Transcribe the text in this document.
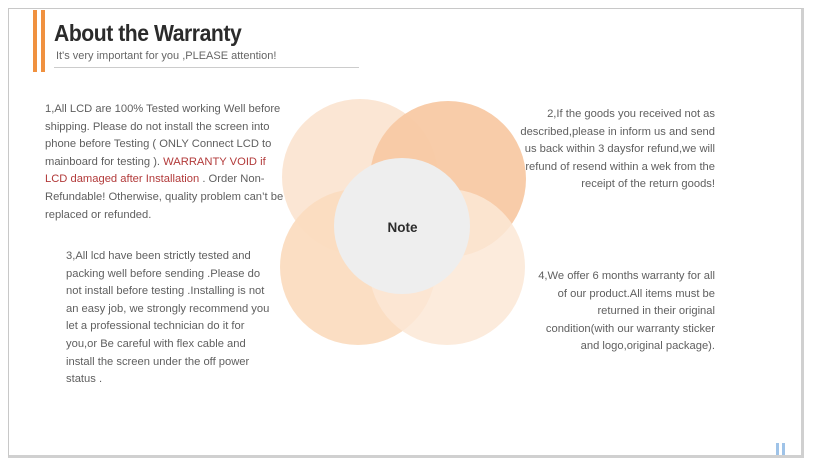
About the Warranty
It's very important for you ,PLEASE attention!
1,All LCD are 100% Tested working Well before shipping. Please do not install the screen into phone before Testing ( ONLY Connect LCD to mainboard for testing ). WARRANTY VOID if LCD damaged after Installation . Order Non-Refundable! Otherwise, quality problem can’t be replaced or refunded.
2,If the goods you received not as described,please in inform us and send us back within 3 daysfor refund,we will refund of resend within a wek from the receipt of the return goods!
3,All lcd have been strictly tested and packing well before sending .Please do not install before testing .Installing is not an easy job, we strongly recommend you let a professional technician do it for you,or Be careful with flex cable and install the screen under the off power status .
4,We offer 6 months warranty for all of our product.All items must be returned in their original condition(with our warranty sticker and logo,original package).
Note
